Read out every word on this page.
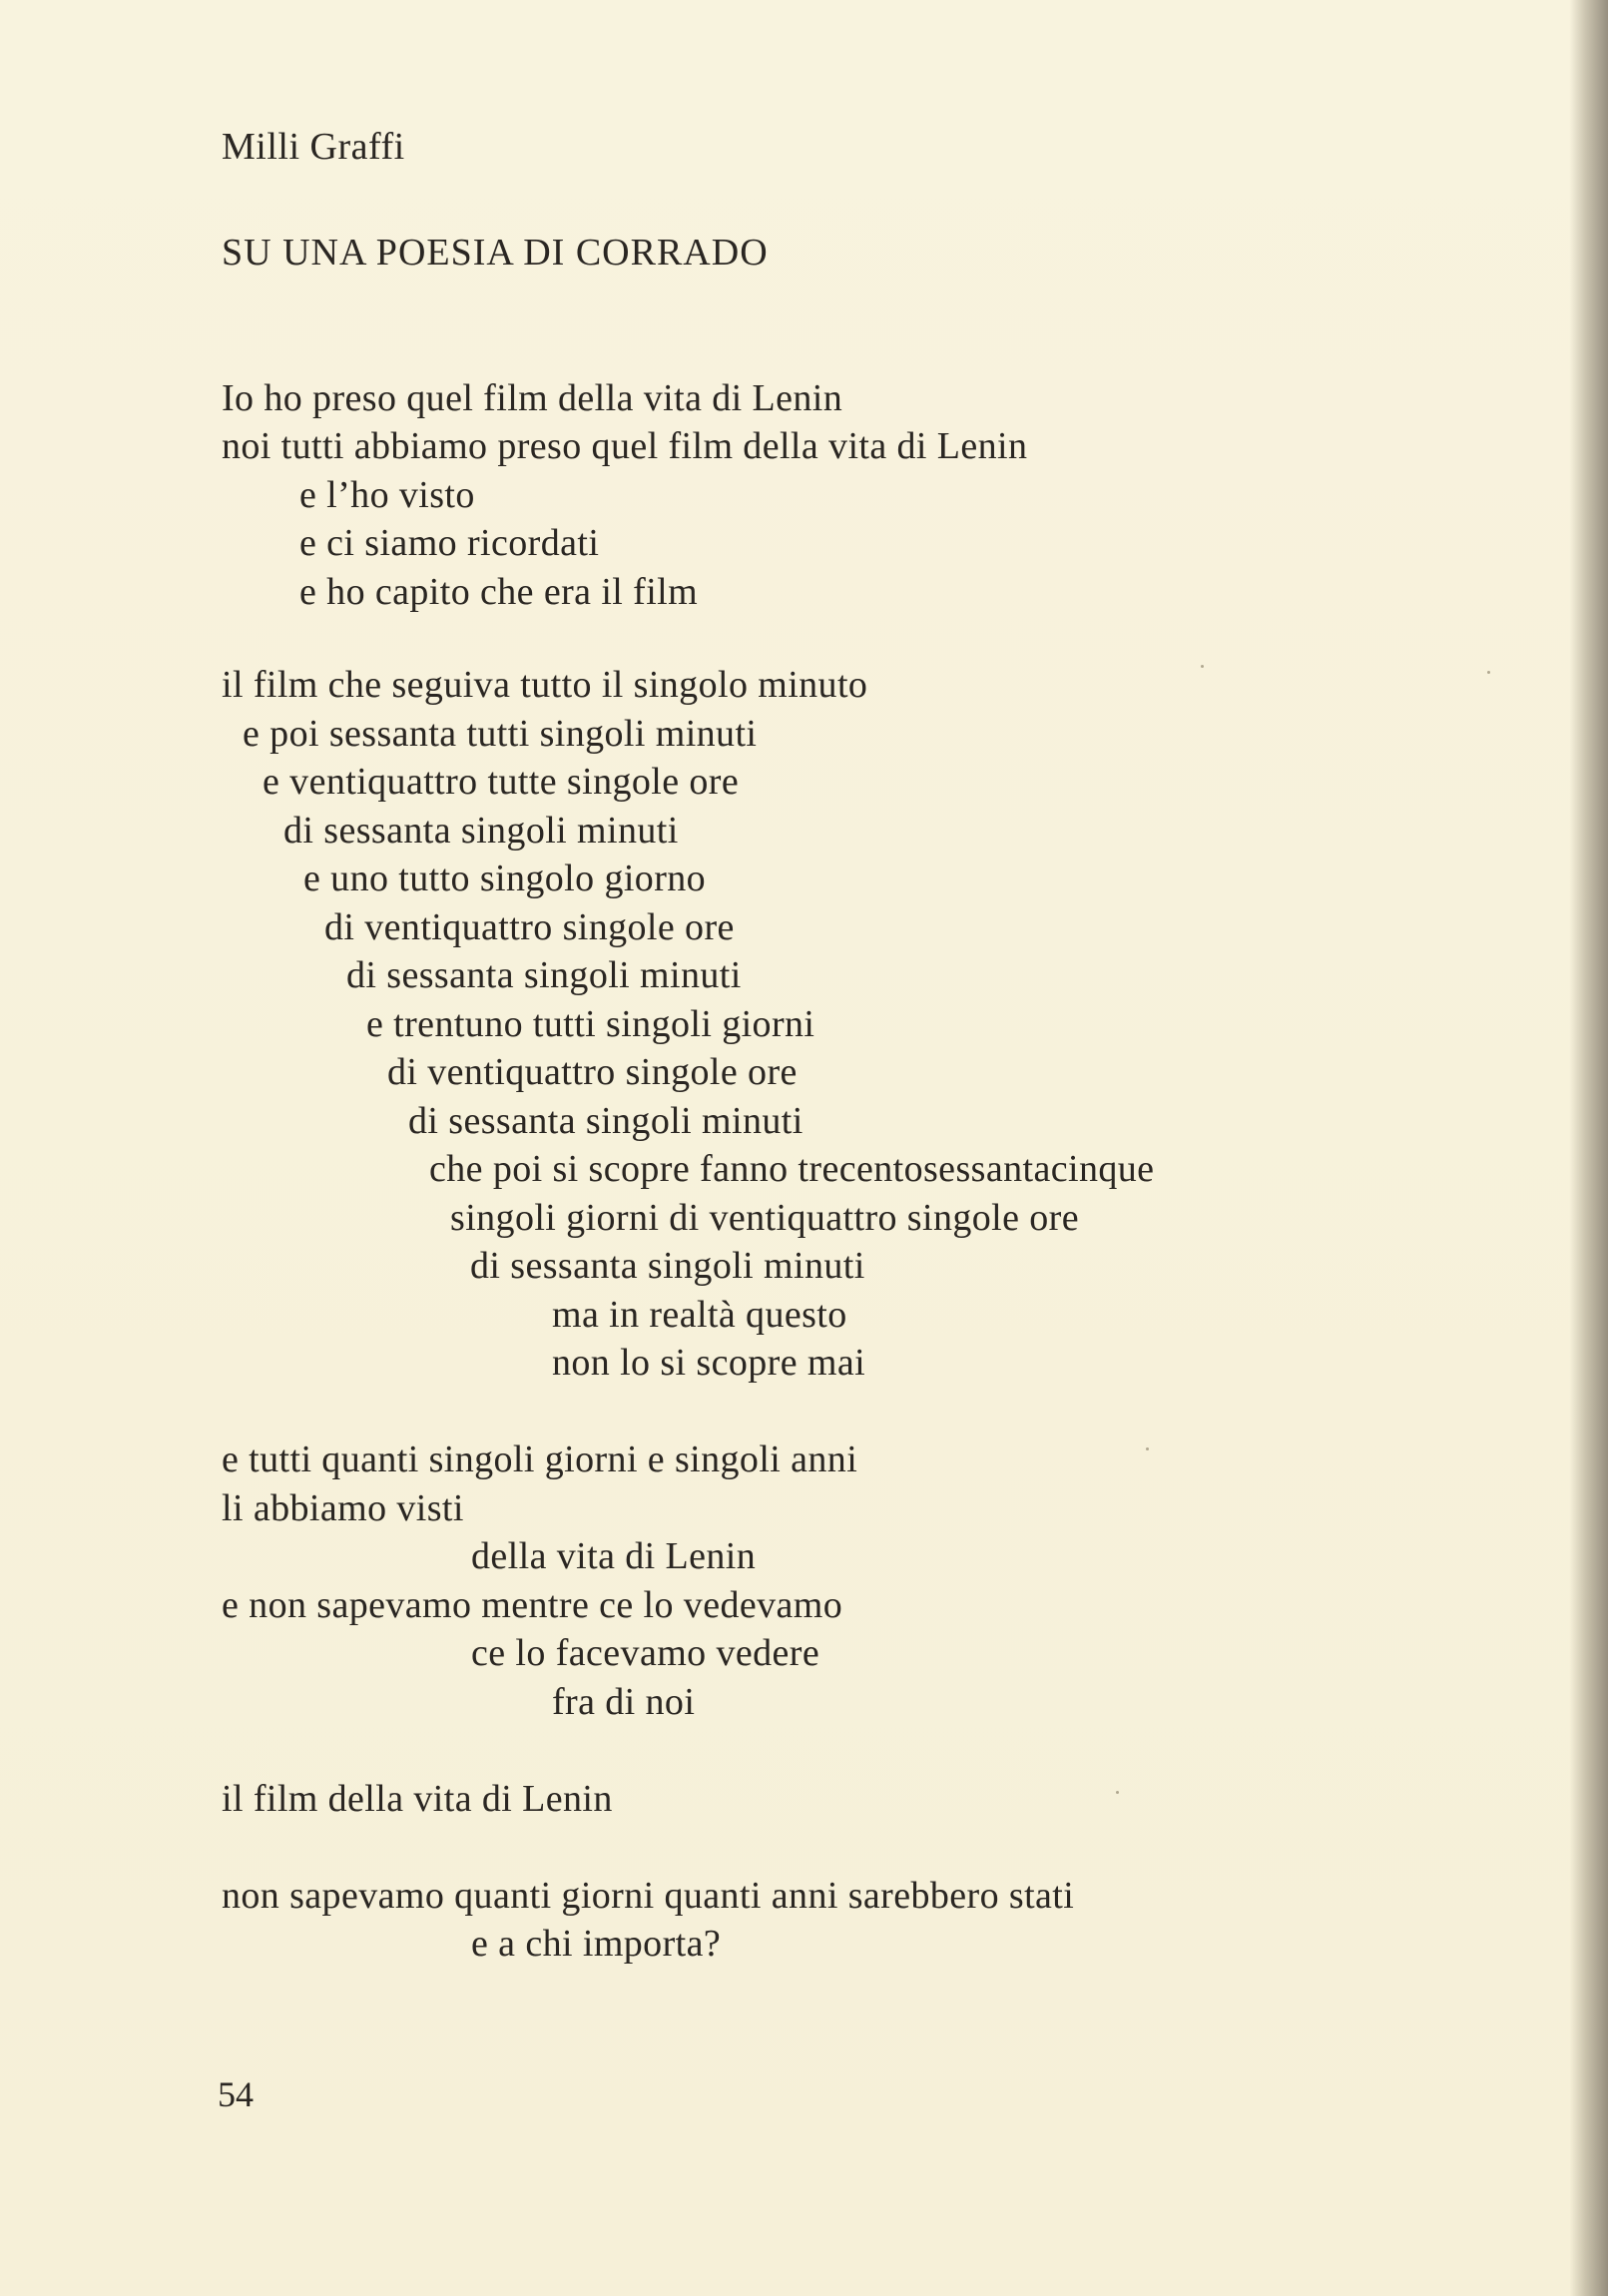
Milli Graffi
SU UNA POESIA DI CORRADO
Io ho preso quel film della vita di Lenin
noi tutti abbiamo preso quel film della vita di Lenin
e l’ho visto
e ci siamo ricordati
e ho capito che era il film
il film che seguiva tutto il singolo minuto
e poi sessanta tutti singoli minuti
e ventiquattro tutte singole ore
di sessanta singoli minuti
e uno tutto singolo giorno
di ventiquattro singole ore
di sessanta singoli minuti
e trentuno tutti singoli giorni
di ventiquattro singole ore
di sessanta singoli minuti
che poi si scopre fanno trecentosessantacinque
singoli giorni di ventiquattro singole ore
di sessanta singoli minuti
ma in realtà questo
non lo si scopre mai
e tutti quanti singoli giorni e singoli anni
li abbiamo visti
della vita di Lenin
e non sapevamo mentre ce lo vedevamo
ce lo facevamo vedere
fra di noi
il film della vita di Lenin
non sapevamo quanti giorni quanti anni sarebbero stati
e a chi importa?
54
